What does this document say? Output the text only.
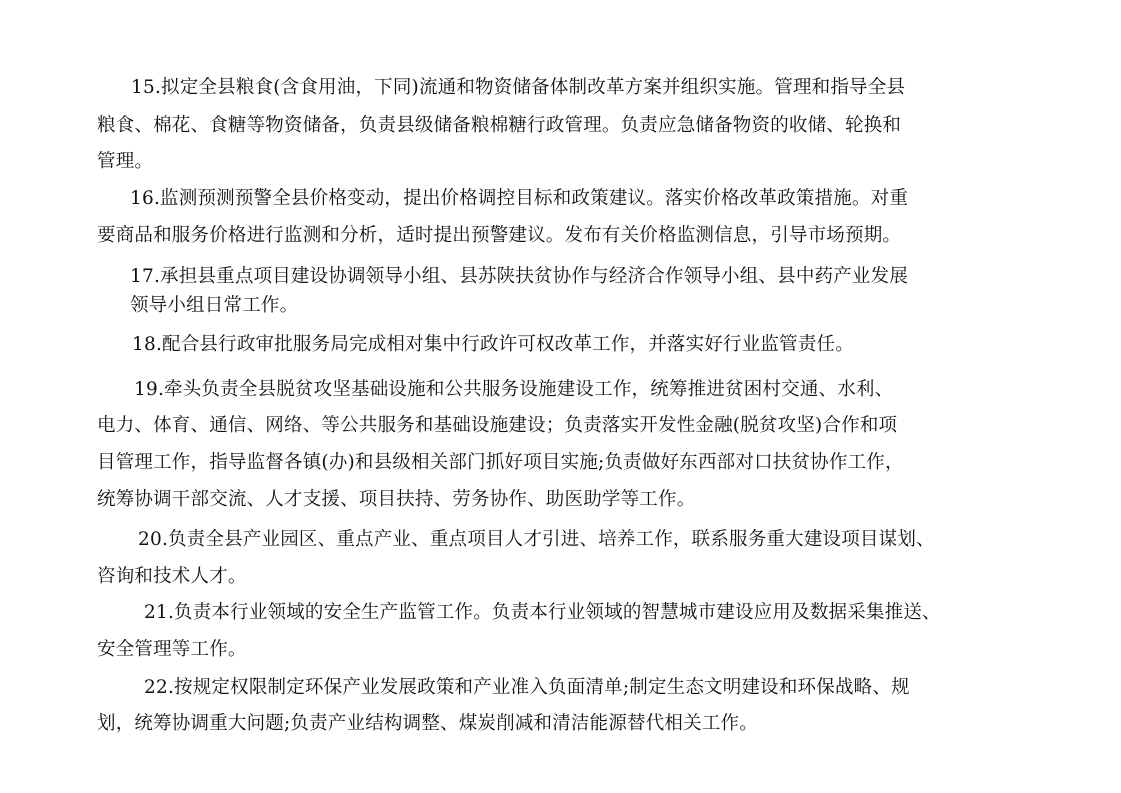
15.拟定全县粮食(含食用油，下同)流通和物资储备体制改革方案并组织实施。管理和指导全县
粮食、棉花、食糖等物资储备，负责县级储备粮棉糖行政管理。负责应急储备物资的收储、轮换和
管理。
16.监测预测预警全县价格变动，提出价格调控目标和政策建议。落实价格改革政策措施。对重
要商品和服务价格进行监测和分析，适时提出预警建议。发布有关价格监测信息，引导市场预期。
17.承担县重点项目建设协调领导小组、县苏陕扶贫协作与经济合作领导小组、县中药产业发展
领导小组日常工作。
18.配合县行政审批服务局完成相对集中行政许可权改革工作，并落实好行业监管责任。
19.牵头负责全县脱贫攻坚基础设施和公共服务设施建设工作，统筹推进贫困村交通、水利、
电力、体育、通信、网络、等公共服务和基础设施建设；负责落实开发性金融(脱贫攻坚)合作和项
目管理工作，指导监督各镇(办)和县级相关部门抓好项目实施;负责做好东西部对口扶贫协作工作，
统筹协调干部交流、人才支援、项目扶持、劳务协作、助医助学等工作。
20.负责全县产业园区、重点产业、重点项目人才引进、培养工作，联系服务重大建设项目谋划、
咨询和技术人才。
21.负责本行业领域的安全生产监管工作。负责本行业领域的智慧城市建设应用及数据采集推送、
安全管理等工作。
22.按规定权限制定环保产业发展政策和产业准入负面清单;制定生态文明建设和环保战略、规
划，统筹协调重大问题;负责产业结构调整、煤炭削减和清洁能源替代相关工作。
